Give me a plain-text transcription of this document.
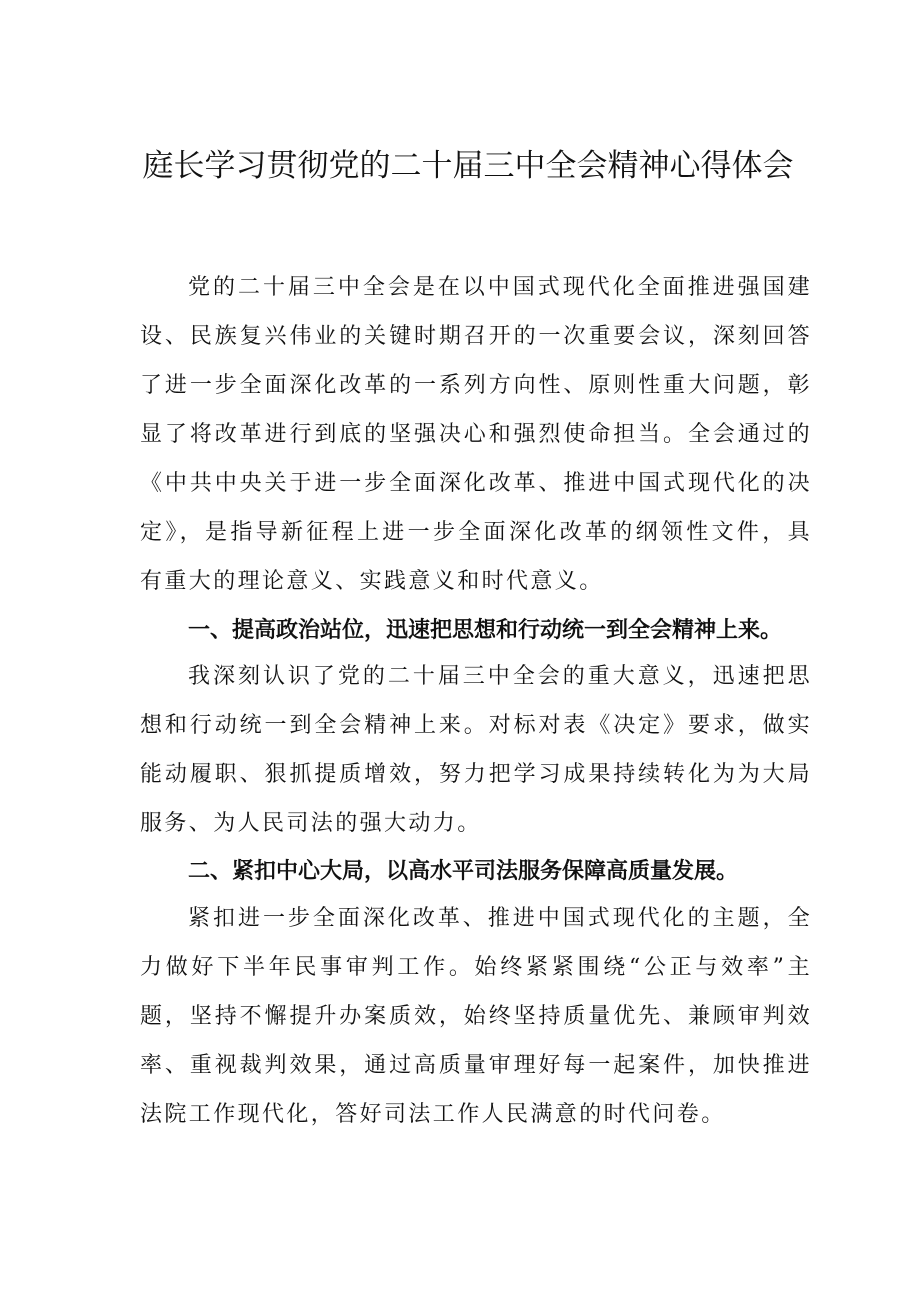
庭长学习贯彻党的二十届三中全会精神心得体会

党的二十届三中全会是在以中国式现代化全面推进强国建设、民族复兴伟业的关键时期召开的一次重要会议，深刻回答了进一步全面深化改革的一系列方向性、原则性重大问题，彰显了将改革进行到底的坚强决心和强烈使命担当。全会通过的《中共中央关于进一步全面深化改革、推进中国式现代化的决定》，是指导新征程上进一步全面深化改革的纲领性文件，具有重大的理论意义、实践意义和时代意义。

一、提高政治站位，迅速把思想和行动统一到全会精神上来。

我深刻认识了党的二十届三中全会的重大意义，迅速把思想和行动统一到全会精神上来。对标对表《决定》要求，做实能动履职、狠抓提质增效，努力把学习成果持续转化为为大局服务、为人民司法的强大动力。

二、紧扣中心大局，以高水平司法服务保障高质量发展。

紧扣进一步全面深化改革、推进中国式现代化的主题，全力做好下半年民事审判工作。始终紧紧围绕“公正与效率”主题，坚持不懈提升办案质效，始终坚持质量优先、兼顾审判效率、重视裁判效果，通过高质量审理好每一起案件，加快推进法院工作现代化，答好司法工作人民满意的时代问卷。
